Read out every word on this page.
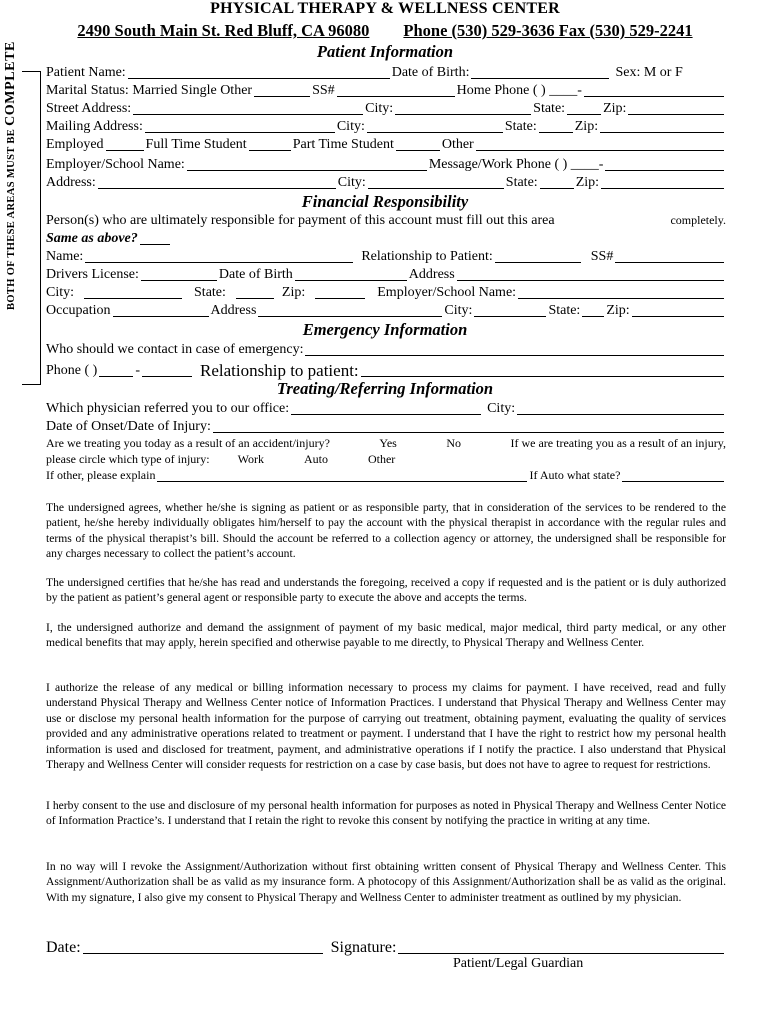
PHYSICAL THERAPY & WELLNESS CENTER
2490 South Main St. Red Bluff, CA 96080 Phone (530) 529-3636 Fax (530) 529-2241
BOTH OF THESE AREAS MUST BE COMPLETE	Patient Information
Patient Name:	Date of Birth:	Sex: M or F
Marital Status: Married Single Other	SS#	Home Phone ( ) ____-
Street Address:	City:	State:	Zip:
Mailing Address:	City:	State:	Zip:
Employed	Full Time Student	Part Time Student	Other
Employer/School Name:	Message/Work Phone ( ) ____-
Address:	City:	State:	Zip:
Financial Responsibility
Person(s) who are ultimately responsible for payment of this account must fill out this area	completely.
Same as above?
Name:	Relationship to Patient:	SS#
Drivers License:	Date of Birth	Address
City:	State:	Zip:	Employer/School Name:
Occupation	Address	City:	State: Zip:
Emergency Information
Who should we contact in case of emergency:
Phone ( )	-	Relationship to patient:
Treating/Referring Information
Which physician referred you to our office:	City:
Date of Onset/Date of Injury:
Are we treating you today as a result of an accident/injury?	Yes	No	If we are treating you as a result of an injury,
please circle which type of injury: Work	Auto	Other
If other, please explain	If Auto what state?
The undersigned agrees, whether he/she is signing as patient or as responsible party, that in consideration of the services to be rendered to the patient, he/she hereby individually obligates him/herself to pay the account with the physical therapist in accordance with the regular rules and terms of the physical therapist’s bill. Should the account be referred to a collection agency or attorney, the undersigned shall be responsible for any charges necessary to collect the patient’s account.
The undersigned certifies that he/she has read and understands the foregoing, received a copy if requested and is the patient or is duly authorized by the patient as patient’s general agent or responsible party to execute the above and accepts the terms.
I, the undersigned authorize and demand the assignment of payment of my basic medical, major medical, third party medical, or any other medical benefits that may apply, herein specified and otherwise payable to me directly, to Physical Therapy and Wellness Center.
I authorize the release of any medical or billing information necessary to process my claims for payment. I have received, read and fully understand Physical Therapy and Wellness Center notice of Information Practices. I understand that Physical Therapy and Wellness Center may use or disclose my personal health information for the purpose of carrying out treatment, obtaining payment, evaluating the quality of services provided and any administrative operations related to treatment or payment. I understand that I have the right to restrict how my personal health information is used and disclosed for treatment, payment, and administrative operations if I notify the practice. I also understand that Physical Therapy and Wellness Center will consider requests for restriction on a case by case basis, but does not have to agree to request for restrictions.
I herby consent to the use and disclosure of my personal health information for purposes as noted in Physical Therapy and Wellness Center Notice of Information Practice’s. I understand that I retain the right to revoke this consent by notifying the practice in writing at any time.
In no way will I revoke the Assignment/Authorization without first obtaining written consent of Physical Therapy and Wellness Center. This Assignment/Authorization shall be as valid as my insurance form. A photocopy of this Assignment/Authorization shall be as valid as the original. With my signature, I also give my consent to Physical Therapy and Wellness Center to administer treatment as outlined by my physician.
Date:	Signature:
Patient/Legal Guardian
